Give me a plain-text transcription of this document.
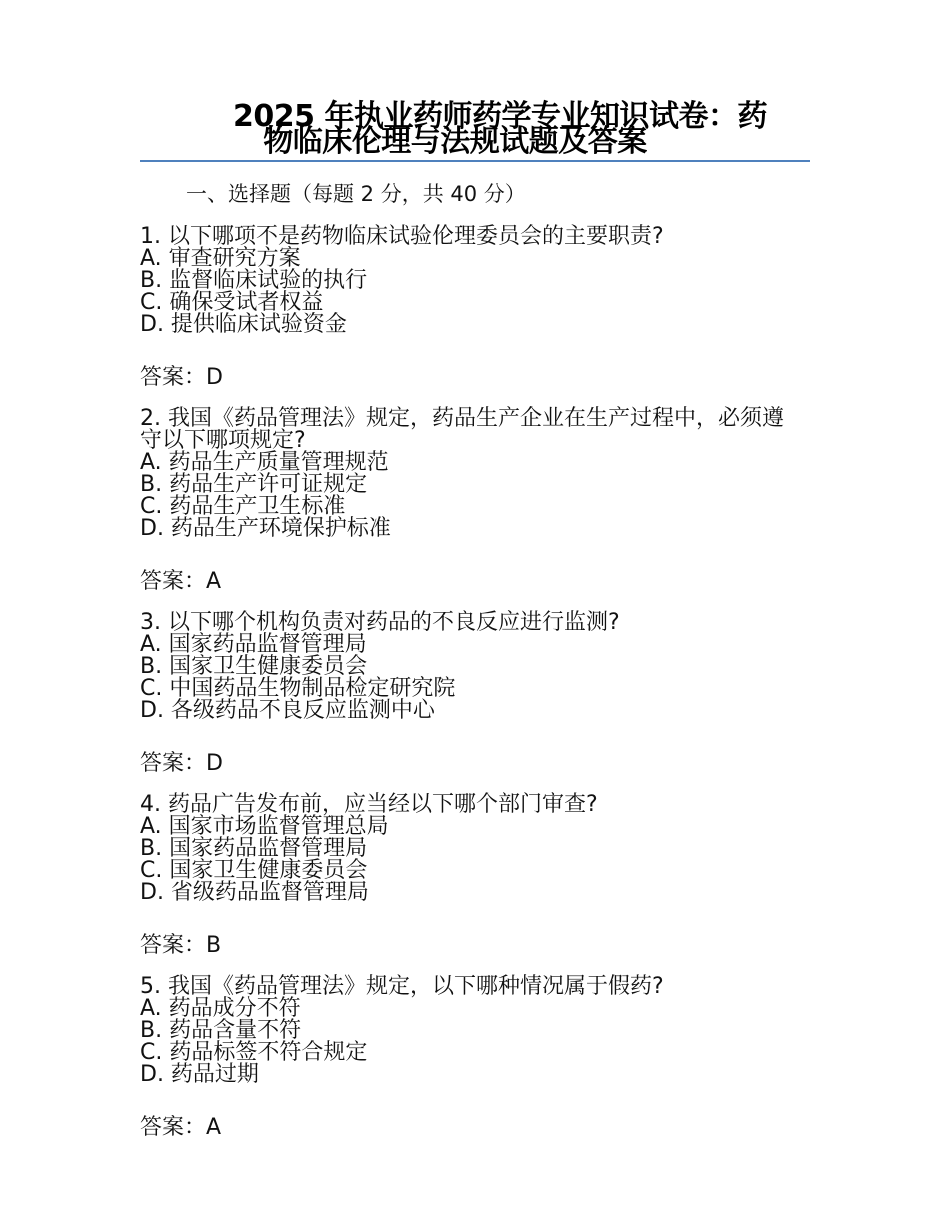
2025 年执业药师药学专业知识试卷：药
物临床伦理与法规试题及答案

一、选择题（每题 2 分，共 40 分）

1. 以下哪项不是药物临床试验伦理委员会的主要职责?
A. 审查研究方案
B. 监督临床试验的执行
C. 确保受试者权益
D. 提供临床试验资金
答案：D
2. 我国《药品管理法》规定，药品生产企业在生产过程中，必须遵守以下哪项规定?
A. 药品生产质量管理规范
B. 药品生产许可证规定
C. 药品生产卫生标准
D. 药品生产环境保护标准
答案：A
3. 以下哪个机构负责对药品的不良反应进行监测?
A. 国家药品监督管理局
B. 国家卫生健康委员会
C. 中国药品生物制品检定研究院
D. 各级药品不良反应监测中心
答案：D
4. 药品广告发布前，应当经以下哪个部门审查?
A. 国家市场监督管理总局
B. 国家药品监督管理局
C. 国家卫生健康委员会
D. 省级药品监督管理局
答案：B
5. 我国《药品管理法》规定，以下哪种情况属于假药?
A. 药品成分不符
B. 药品含量不符
C. 药品标签不符合规定
D. 药品过期
答案：A
